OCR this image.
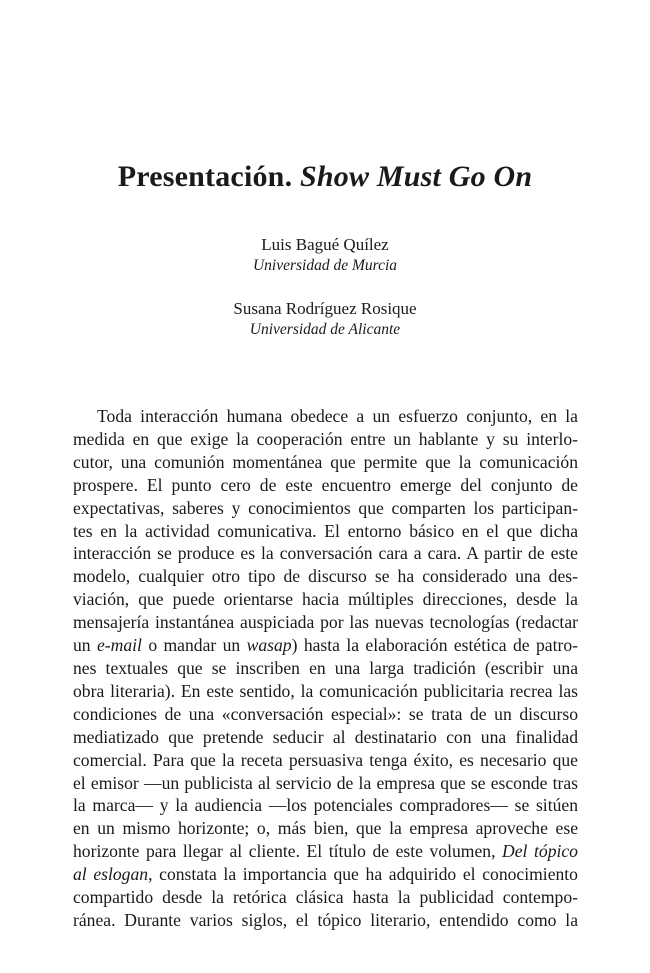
Presentación. Show Must Go On
Luis Bagué Quílez
Universidad de Murcia
Susana Rodríguez Rosique
Universidad de Alicante
Toda interacción humana obedece a un esfuerzo conjunto, en la
medida en que exige la cooperación entre un hablante y su interlo-
cutor, una comunión momentánea que permite que la comunicación
prospere. El punto cero de este encuentro emerge del conjunto de
expectativas, saberes y conocimientos que comparten los participan-
tes en la actividad comunicativa. El entorno básico en el que dicha
interacción se produce es la conversación cara a cara. A partir de este
modelo, cualquier otro tipo de discurso se ha considerado una des-
viación, que puede orientarse hacia múltiples direcciones, desde la
mensajería instantánea auspiciada por las nuevas tecnologías (redactar
un e-mail o mandar un wasap) hasta la elaboración estética de patro-
nes textuales que se inscriben en una larga tradición (escribir una
obra literaria). En este sentido, la comunicación publicitaria recrea las
condiciones de una «conversación especial»: se trata de un discurso
mediatizado que pretende seducir al destinatario con una finalidad
comercial. Para que la receta persuasiva tenga éxito, es necesario que
el emisor —un publicista al servicio de la empresa que se esconde tras
la marca— y la audiencia —los potenciales compradores— se sitúen
en un mismo horizonte; o, más bien, que la empresa aproveche ese
horizonte para llegar al cliente. El título de este volumen, Del tópico
al eslogan, constata la importancia que ha adquirido el conocimiento
compartido desde la retórica clásica hasta la publicidad contempo-
ránea. Durante varios siglos, el tópico literario, entendido como la
